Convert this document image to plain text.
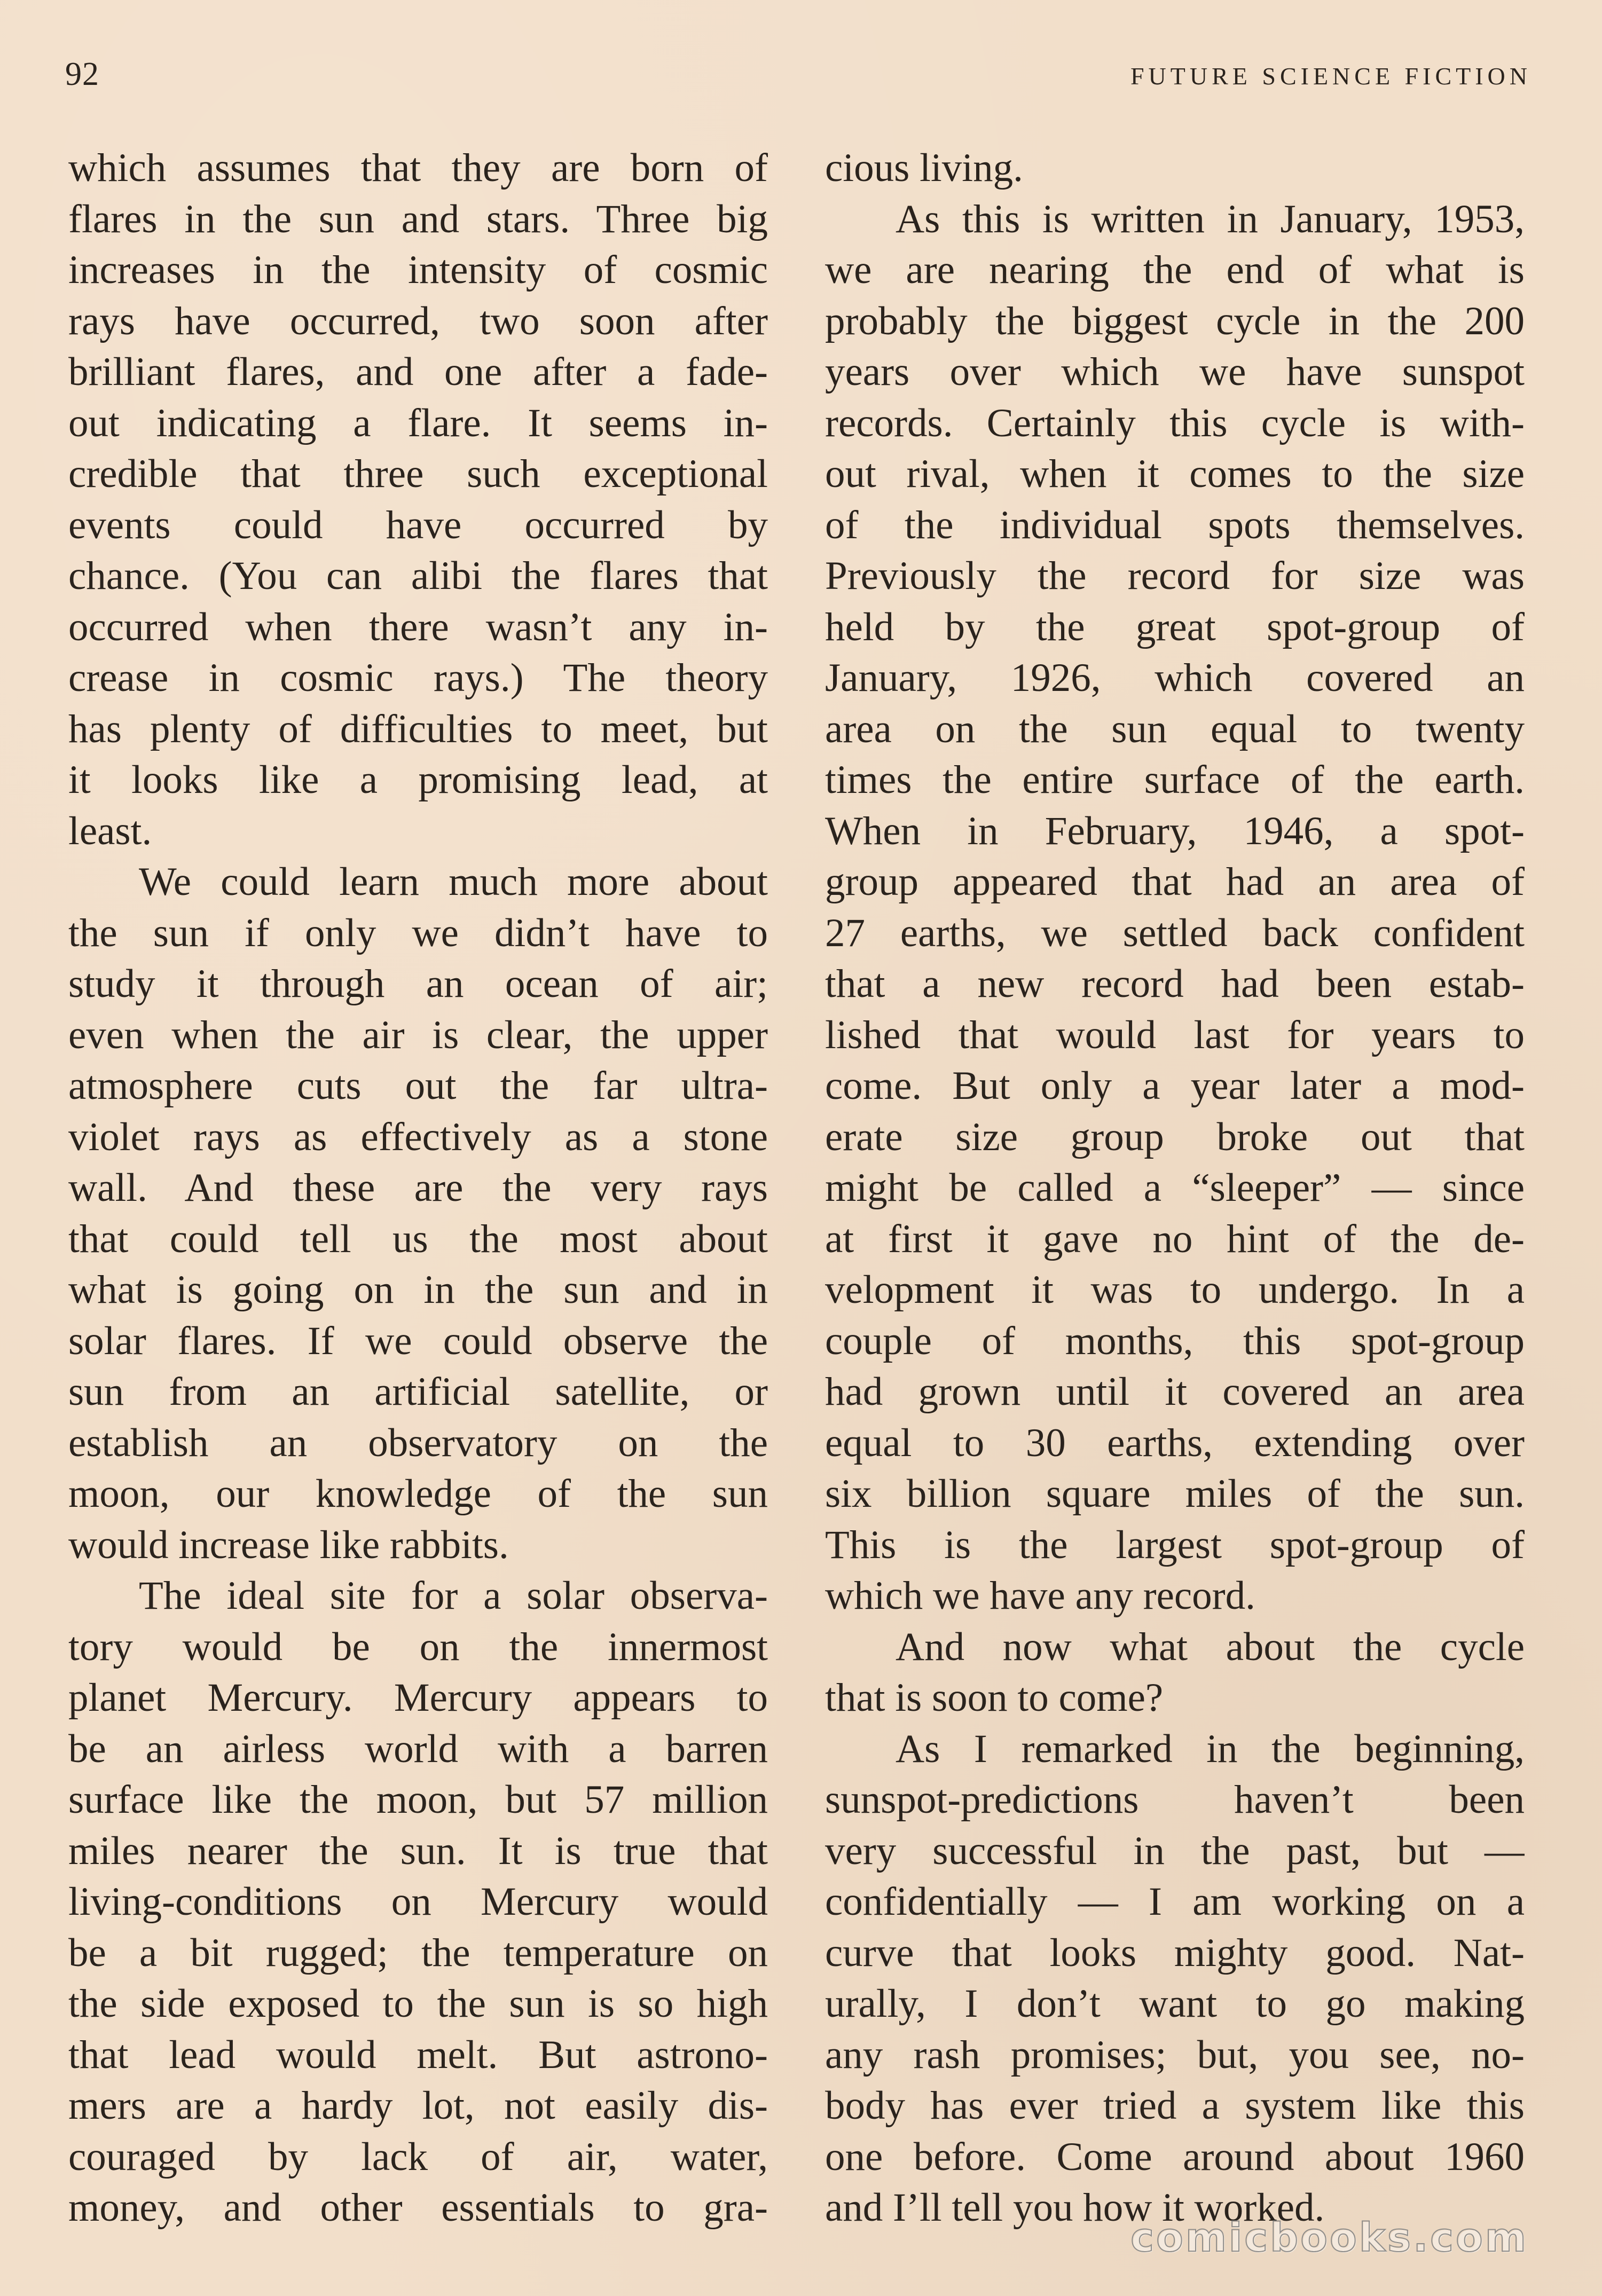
92	FUTURE SCIENCE FICTION
which assumes that they are born of
flares in the sun and stars. Three big
increases in the intensity of cosmic
rays have occurred, two soon after
brilliant flares, and one after a fade-
out indicating a flare. It seems in-
credible that three such exceptional
events could have occurred by
chance. (You can alibi the flares that
occurred when there wasn’t any in-
crease in cosmic rays.) The theory
has plenty of difficulties to meet, but
it looks like a promising lead, at
least.
We could learn much more about
the sun if only we didn’t have to
study it through an ocean of air;
even when the air is clear, the upper
atmosphere cuts out the far ultra-
violet rays as effectively as a stone
wall. And these are the very rays
that could tell us the most about
what is going on in the sun and in
solar flares. If we could observe the
sun from an artificial satellite, or
establish an observatory on the
moon, our knowledge of the sun
would increase like rabbits.
The ideal site for a solar observa-
tory would be on the innermost
planet Mercury. Mercury appears to
be an airless world with a barren
surface like the moon, but 57 million
miles nearer the sun. It is true that
living-conditions on Mercury would
be a bit rugged; the temperature on
the side exposed to the sun is so high
that lead would melt. But astrono-
mers are a hardy lot, not easily dis-
couraged by lack of air, water,
money, and other essentials to gra-
cious living.
As this is written in January, 1953,
we are nearing the end of what is
probably the biggest cycle in the 200
years over which we have sunspot
records. Certainly this cycle is with-
out rival, when it comes to the size
of the individual spots themselves.
Previously the record for size was
held by the great spot-group of
January, 1926, which covered an
area on the sun equal to twenty
times the entire surface of the earth.
When in February, 1946, a spot-
group appeared that had an area of
27 earths, we settled back confident
that a new record had been estab-
lished that would last for years to
come. But only a year later a mod-
erate size group broke out that
might be called a “sleeper” — since
at first it gave no hint of the de-
velopment it was to undergo. In a
couple of months, this spot-group
had grown until it covered an area
equal to 30 earths, extending over
six billion square miles of the sun.
This is the largest spot-group of
which we have any record.
And now what about the cycle
that is soon to come?
As I remarked in the beginning,
sunspot-predictions haven’t been
very successful in the past, but —
confidentially — I am working on a
curve that looks mighty good. Nat-
urally, I don’t want to go making
any rash promises; but, you see, no-
body has ever tried a system like this
one before. Come around about 1960
and I’ll tell you how it worked.
comicbooks.com
